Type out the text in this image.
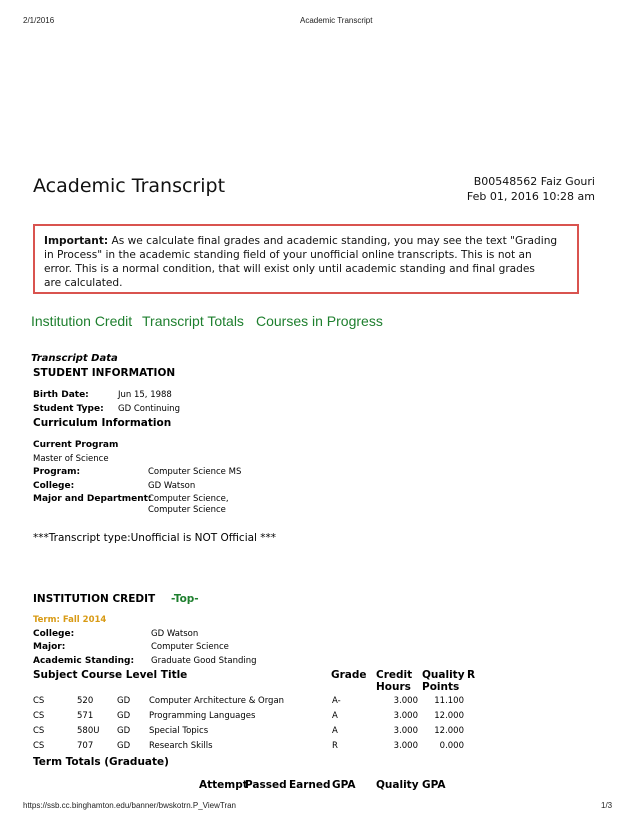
2/1/2016	Academic Transcript
Academic Transcript	B00548562 Faiz Gouri
Feb 01, 2016 10:28 am
Important: As we calculate final grades and academic standing, you may see the text "Grading
in Process" in the academic standing field of your unofficial online transcripts. This is not an
error. This is a normal condition, that will exist only until academic standing and final grades
are calculated.
Institution Credit Transcript Totals Courses in Progress
Transcript Data
STUDENT INFORMATION
Birth Date:	Jun 15, 1988
Student Type: GD Continuing
Curriculum Information
Current Program
Master of Science
Program:	Computer Science MS
College:	GD Watson
Major and Department:
Computer Science,
Computer Science
***Transcript type:Unofficial is NOT Official ***
INSTITUTION CREDIT -Top-
Term: Fall 2014
College:	GD Watson
Major:	Computer Science
Academic Standing: Graduate Good Standing
Subject Course Level Title	Grade Credit
Hours
Quality R
Points
CS	520	GD Computer Architecture & Organ	A-	3.000	11.100
CS	571	GD Programming Languages	A	3.000	12.000
CS	580U GD Special Topics	A	3.000	12.000
CS	707	GD Research Skills	R	3.000	0.000
Term Totals (Graduate)
Attempt
Passed Earned GPA Quality GPA
https://ssb.cc.binghamton.edu/banner/bwskotrn.P_ViewTran	1/3
